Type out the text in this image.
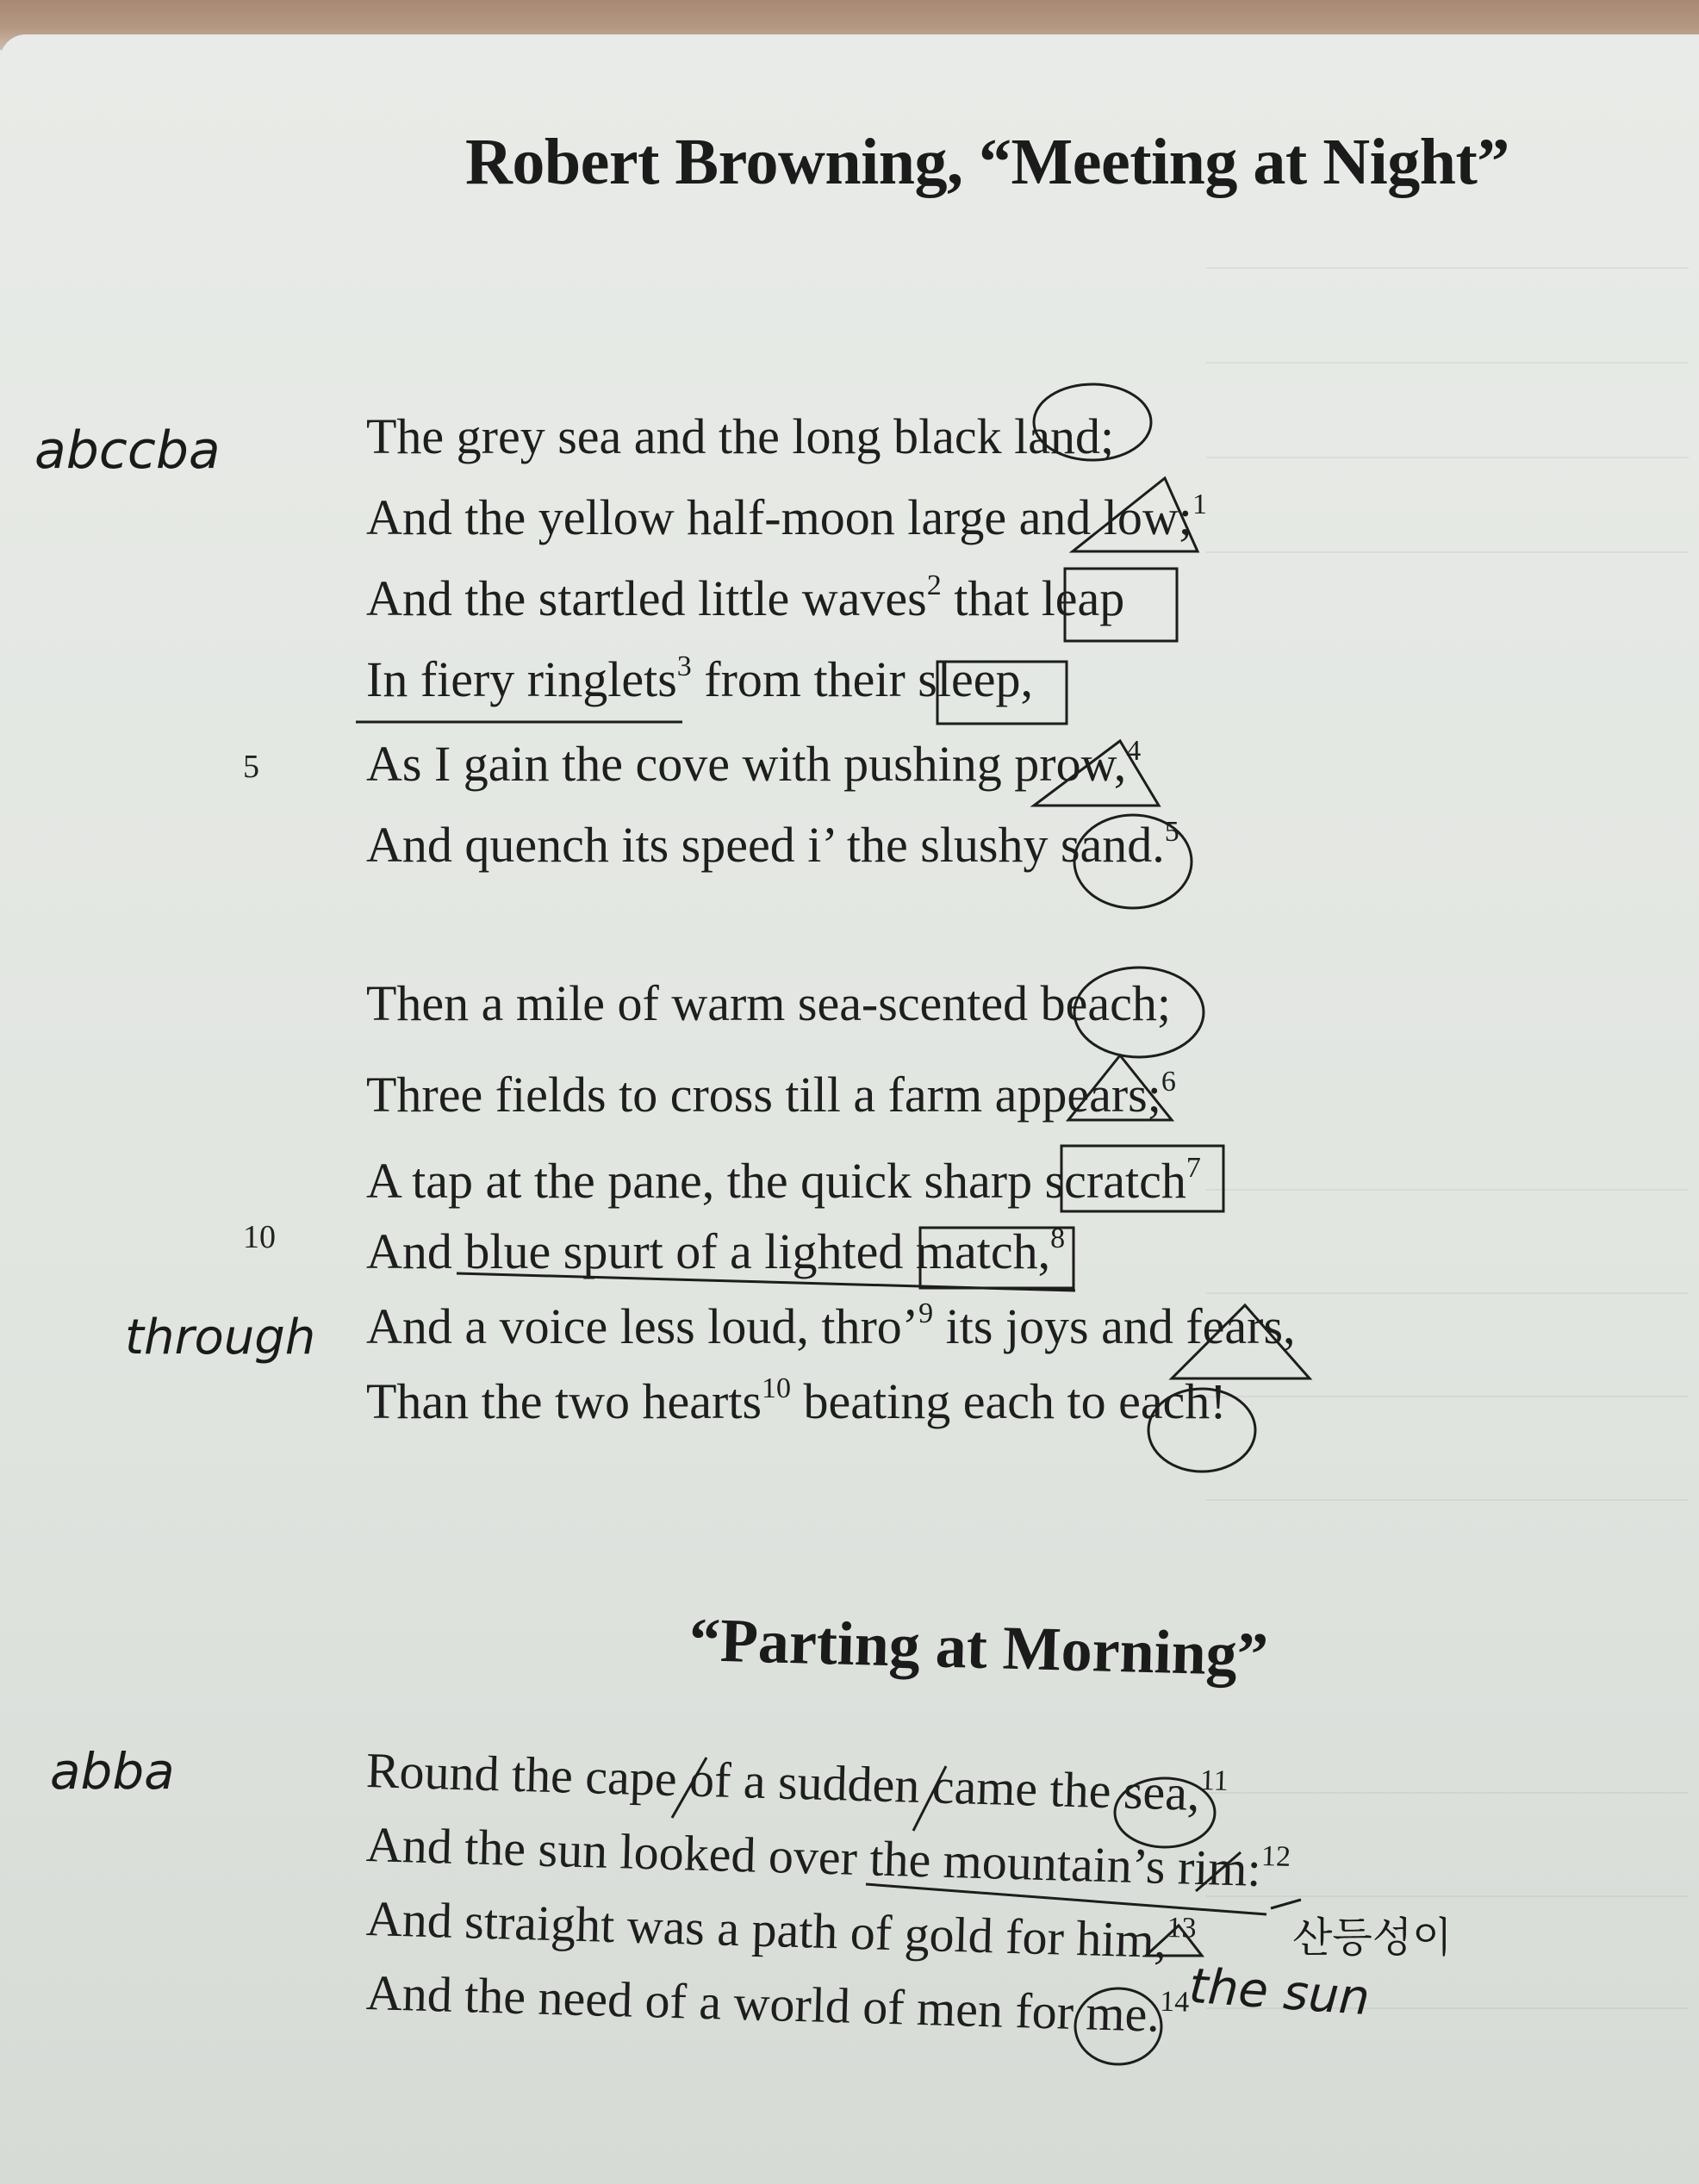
Robert Browning, “Meeting at Night”
The grey sea and the long black land;
And the yellow half-moon large and low;$^1$
And the startled little waves$^2$ that leap
In fiery ringlets$^3$ from their sleep,
As I gain the cove with pushing prow,$^4$
And quench its speed i’ the slushy sand.$^5$
Then a mile of warm sea-scented beach;
Three fields to cross till a farm appears;$^6$
A tap at the pane, the quick sharp scratch$^7$
And blue spurt of a lighted match,$^8$
And a voice less loud, thro’$^9$ its joys and fears,
Than the two hearts$^{10}$ beating each to each!
5
10
“Parting at Morning”
Round the cape of a sudden came the sea,$^{11}$
And the sun looked over the mountain’s rim:$^{12}$
And straight was a path of gold for him,$^{13}$
And the need of a world of men for me.$^{14}$
abccba
through
abba
산등성이
the sun
